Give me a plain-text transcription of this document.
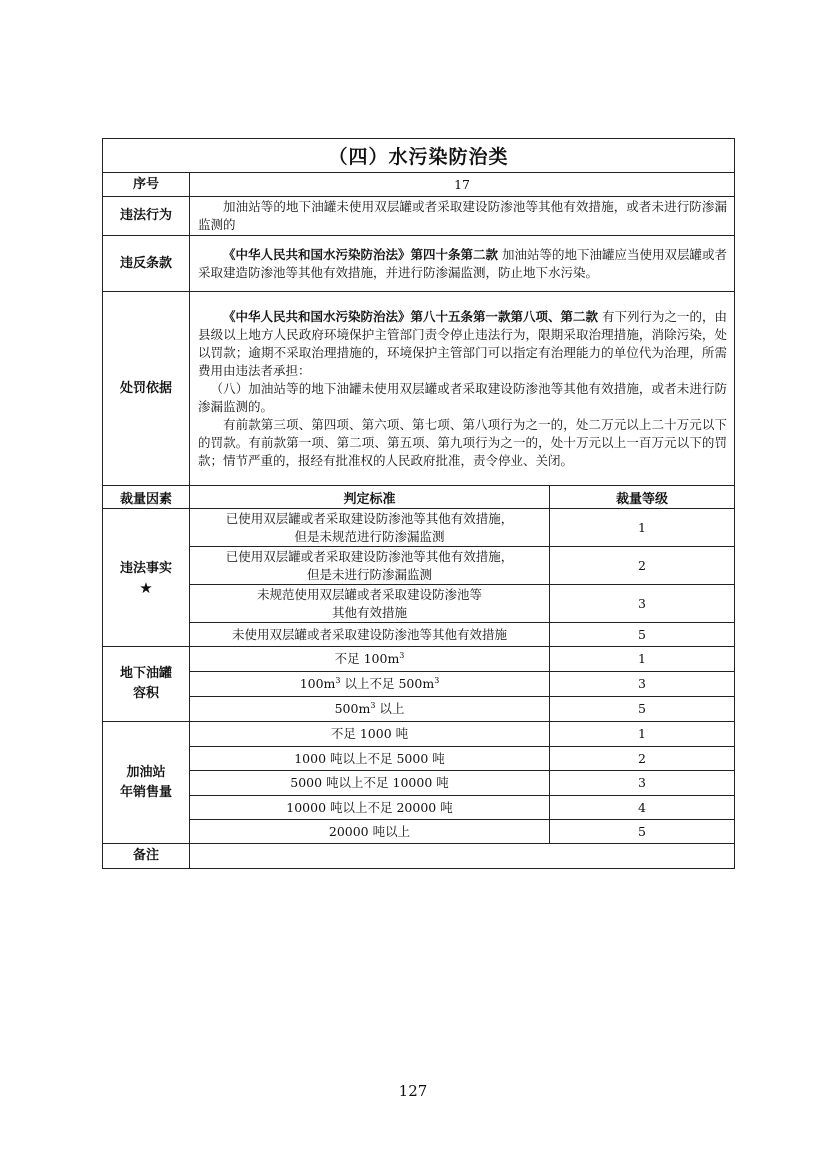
（四）水污染防治类		
序号	17	
违法行为	加油站等的地下油罐未使用双层罐或者采取建设防渗池等其他有效措施，或者未进行防渗漏监测的	

违反条款	《中华人民共和国水污染防治法》第四十条第二款 加油站等的地下油罐应当使用双层罐或者采取建造防渗池等其他有效措施，并进行防渗漏监测，防止地下水污染。	

处罚依据	《中华人民共和国水污染防治法》第八十五条第一款第八项、第二款 有下列行为之一的，由县级以上地方人民政府环境保护主管部门责令停止违法行为，限期采取治理措施，消除污染，处以罚款；逾期不采取治理措施的，环境保护主管部门可以指定有治理能力的单位代为治理，所需费用由违法者承担：
（八）加油站等的地下油罐未使用双层罐或者采取建设防渗池等其他有效措施，或者未进行防渗漏监测的。
有前款第三项、第四项、第六项、第七项、第八项行为之一的，处二万元以上二十万元以下的罚款。有前款第一项、第二项、第五项、第九项行为之一的，处十万元以上一百万元以下的罚款；情节严重的，报经有批准权的人民政府批准，责令停业、关闭。	

裁量因素	判定标准	裁量等级
违法事实
★	已使用双层罐或者采取建设防渗池等其他有效措施，
但是未规范进行防渗漏监测	1
	已使用双层罐或者采取建设防渗池等其他有效措施，
但是未进行防渗漏监测	2
	未规范使用双层罐或者采取建设防渗池等
其他有效措施	3
	未使用双层罐或者采取建设防渗池等其他有效措施	5
地下油罐
容积	不足 $100m^3$	1
	$100m^3$ 以上不足 $500m^3$	3
	$500m^3$ 以上	5
加油站
年销售量	不足 1000 吨	1
	1000 吨以上不足 5000 吨	2
	5000 吨以上不足 10000 吨	3
	10000 吨以上不足 20000 吨	4
	20000 吨以上	5
备注		
127
